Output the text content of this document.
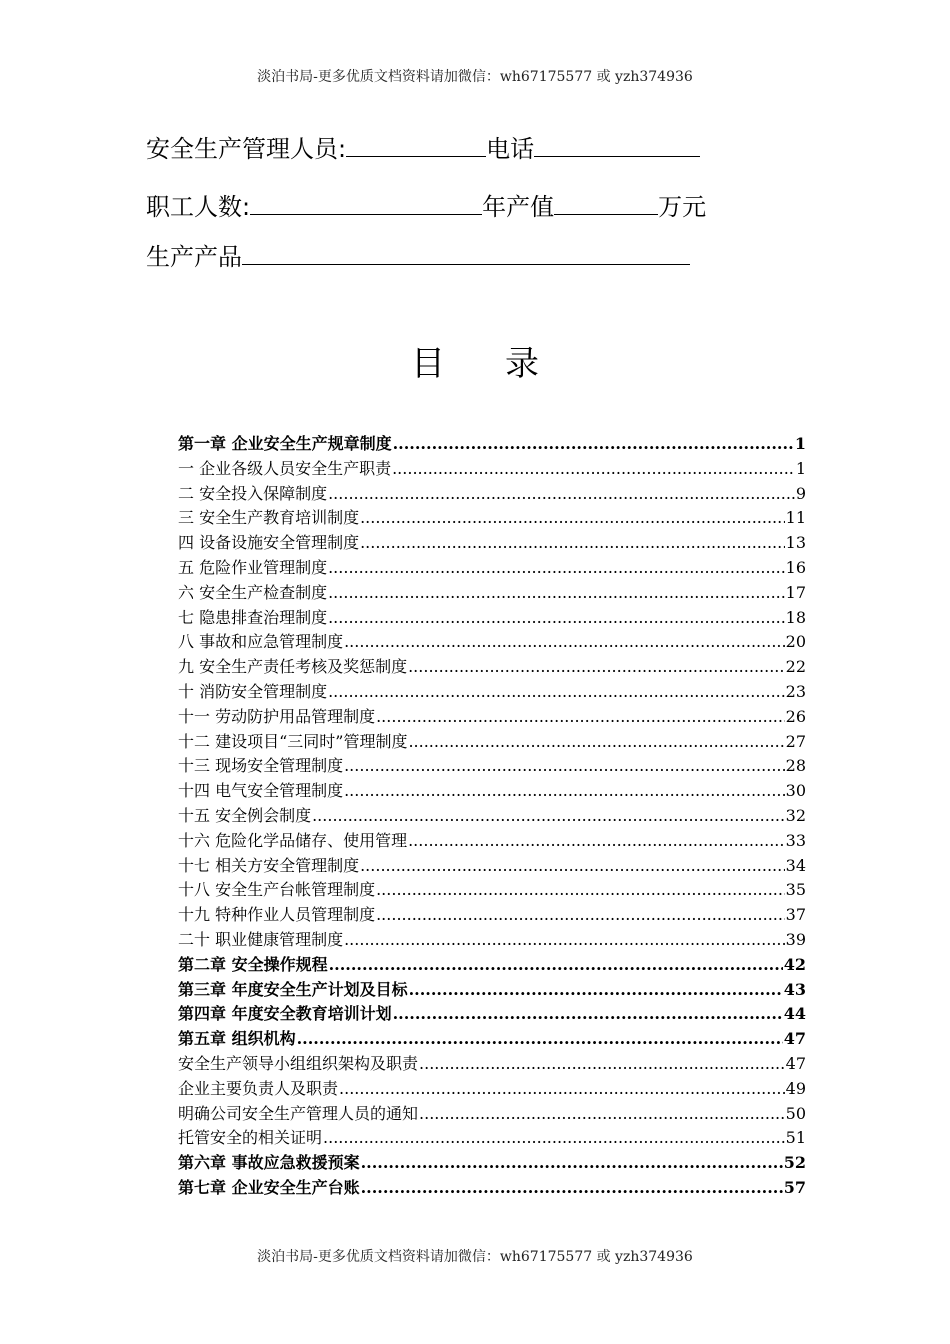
淡泊书局-更多优质文档资料请加微信：wh67175577 或 yzh374936
安全生产管理人员:	电话
职工人数:	年产值	万元
生产产品
目录
第一章 企业安全生产规章制度 .....	1
一 企业各级人员安全生产职责 .....	1
二 安全投入保障制度 .....	9
三 安全生产教育培训制度 .....	11
四 设备设施安全管理制度 .....	13
五 危险作业管理制度 .....	16
六 安全生产检查制度 .....	17
七 隐患排查治理制度 .....	18
八 事故和应急管理制度 .....	20
九 安全生产责任考核及奖惩制度 .....	22
十 消防安全管理制度 .....	23
十一 劳动防护用品管理制度 .....	26
十二 建设项目“三同时”管理制度 .....	27
十三 现场安全管理制度 .....	28
十四 电气安全管理制度 .....	30
十五 安全例会制度 .....	32
十六 危险化学品储存、使用管理 .....	33
十七 相关方安全管理制度 .....	34
十八 安全生产台帐管理制度 .....	35
十九 特种作业人员管理制度 .....	37
二十 职业健康管理制度 .....	39
第二章 安全操作规程 .....	42
第三章 年度安全生产计划及目标 .....	43
第四章 年度安全教育培训计划 .....	44
第五章 组织机构 .....	47
安全生产领导小组组织架构及职责 .....	47
企业主要负责人及职责 .....	49
明确公司安全生产管理人员的通知 .....	50
托管安全的相关证明 .....	51
第六章 事故应急救援预案 .....	52
第七章 企业安全生产台账 .....	57
淡泊书局-更多优质文档资料请加微信：wh67175577 或 yzh374936
